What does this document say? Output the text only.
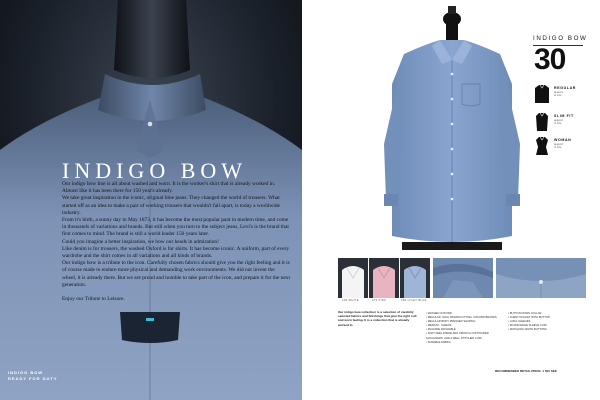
INDIGO BOW

Our indigo bow line is all about washed and worn. It is the worker's shirt that is already worked in. Almost like it has been there for 150 year's already.

We take great inspiration in the iconic, original blue jeans. They changed the world of trousers. What started off as an idea to make a pair of working trousers that wouldn't fall apart, is today a worldwide industry.

From it's birth, a sunny day in May 1873, it has become the most popular pant in modern time, and come in thousands of variations and brands. But still when you turn to the subject jeans, Levi's is the brand that first comes to mind. The brand is still a world leader 150 years later.

Could you imagine a better inspiration, we bow our heads in admiration!

Like denim is for trousers, the washed Oxford is for shirts. It has become iconic. A uniform, part of every wardrobe and the shirt comes in all variations and all kinds of brands.

Our indigo bow is a tribute to the icon. Carefully chosen fabrics should give you the right feeling and it is of course made to endure more physical and demanding work environments. We did not invent the wheel, it is already there. But we are proud and humble to take part of the icon, and prepare it for the next generation.

Enjoy our Tribute to Leisure.

INDIGO BOW
READY FOR DUTY
INDIGO BOW
30
REGULAR
append
to size
SLIM FIT
append
to size
WOMAN
append
to size
305 WHITE	473 PINK	390 LIGHT BLUE
Our indigo bow collection is a selection of carefully selected fabrics and finishings that give the right soft and worn feeling. It is a collection that is already worked in.
• WASHED OXFORD
• REGULAR, SLIM, WOMAN FITTING. OXFORD BRANDS
• REGULAR BODY PRESSED SHAPING
• MEDIUM - SLEEVE
• MACHINE WASHABLE
• SOFT FEEL INSIDE AND SMOOTH CONTOURED SHOULDERS, AND A WELL STITCHED CUFF
• DURABLE FABRIC
• BUTTON DOWN COLLAR
• CHEST POCKET WITH BUTTON
• LONG SLEEVES
• ROUND EDGE SLEEVE CUFF
• MATCHING WHITE BUTTONS
RECOMMENDED RETAIL PRICE: 1 500 SEK
